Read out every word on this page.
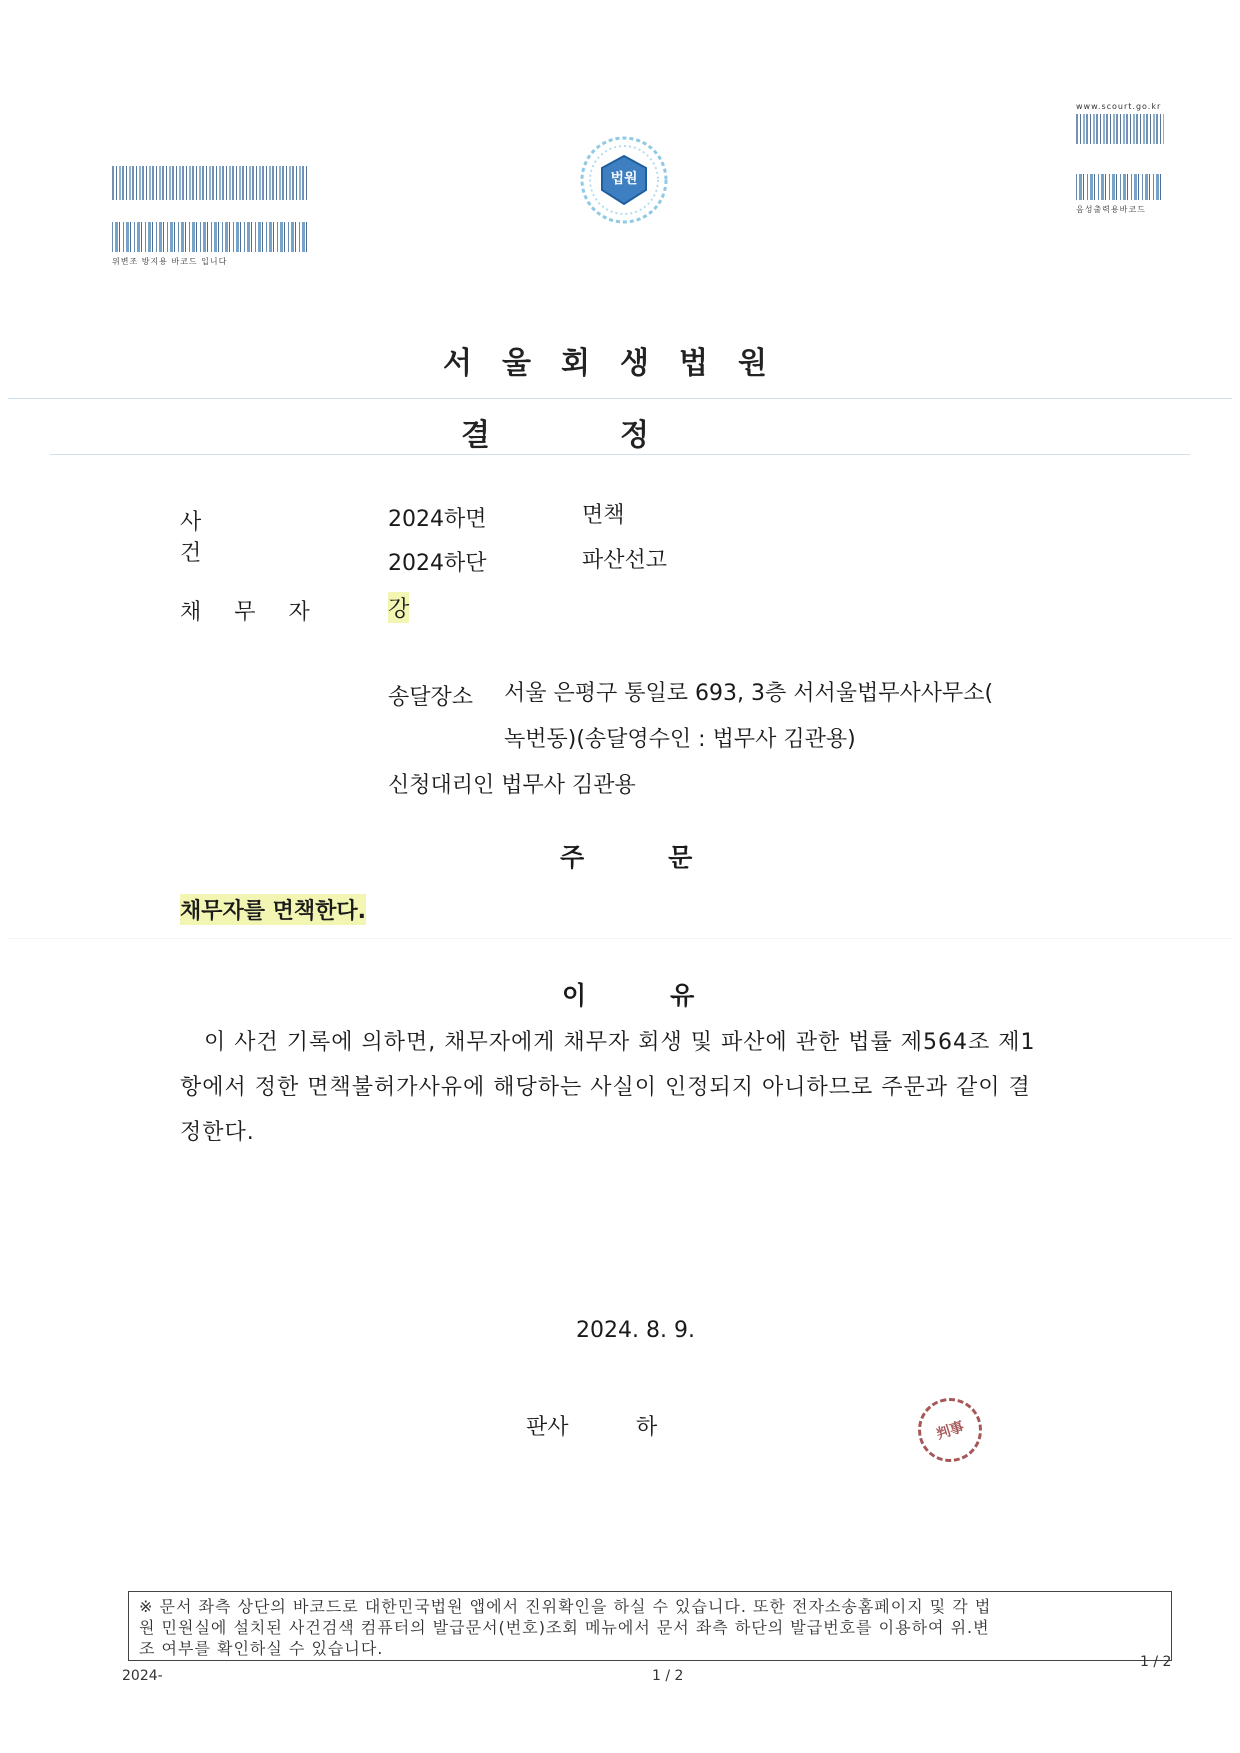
위변조 방지용 바코드 입니다
법원
www.scourt.go.kr
음성출력용바코드
서울회생법원
결정
사건
2024하면	면책
2024하단	파산선고
채무자 강
송달장소 서울 은평구 통일로 693, 3층 서서울법무사사무소(
녹번동)(송달영수인 : 법무사 김관용)
신청대리인 법무사 김관용
주문
채무자를 면책한다.
이유
이 사건 기록에 의하면, 채무자에게 채무자 회생 및 파산에 관한 법률 제564조 제1
항에서 정한 면책불허가사유에 해당하는 사실이 인정되지 아니하므로 주문과 같이 결
정한다.
2024. 8. 9.
판사	하	判事
※ 문서 좌측 상단의 바코드로 대한민국법원 앱에서 진위확인을 하실 수 있습니다. 또한 전자소송홈페이지 및 각 법
원 민원실에 설치된 사건검색 컴퓨터의 발급문서(번호)조회 메뉴에서 문서 좌측 하단의 발급번호를 이용하여 위.변
조 여부를 확인하실 수 있습니다.
2024-	1 / 2
1 / 2
